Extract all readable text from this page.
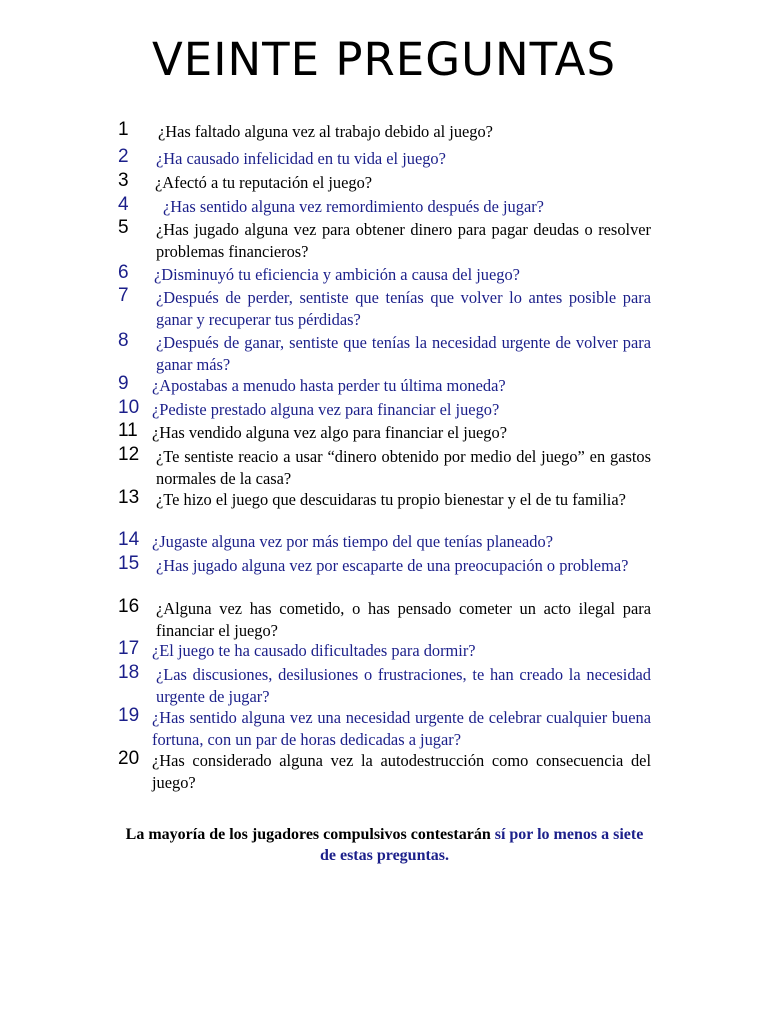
VEINTE PREGUNTAS
1	¿Has faltado alguna vez al trabajo debido al juego?
2	¿Ha causado infelicidad en tu vida el juego?
3	¿Afectó a tu reputación el juego?
4	¿Has sentido alguna vez remordimiento después de jugar?
5	¿Has jugado alguna vez para obtener dinero para pagar deudas o resolver problemas financieros?
6	¿Disminuyó tu eficiencia y ambición a causa del juego?
7	¿Después de perder, sentiste que tenías que volver lo antes posible para ganar y recuperar tus pérdidas?
8	¿Después de ganar, sentiste que tenías la necesidad urgente de volver para ganar más?
9	¿Apostabas a menudo hasta perder tu última moneda?
10 ¿Pediste prestado alguna vez para financiar el juego?
11 ¿Has vendido alguna vez algo para financiar el juego?
12	¿Te sentiste reacio a usar “dinero obtenido por medio del juego” en gastos normales de la casa?
13	¿Te hizo el juego que descuidaras tu propio bienestar y el de tu familia?
14 ¿Jugaste alguna vez por más tiempo del que tenías planeado?
15	¿Has jugado alguna vez por escaparte de una preocupación o problema?
16	¿Alguna vez has cometido, o has pensado cometer un acto ilegal para financiar el juego?
17 ¿El juego te ha causado dificultades para dormir?
18	¿Las discusiones, desilusiones o frustraciones, te han creado la necesidad urgente de jugar?
19 ¿Has sentido alguna vez una necesidad urgente de celebrar cualquier buena fortuna, con un par de horas dedicadas a jugar?
20 ¿Has considerado alguna vez la autodestrucción como consecuencia del juego?

La mayoría de los jugadores compulsivos contestarán sí por lo menos a siete de estas preguntas.
